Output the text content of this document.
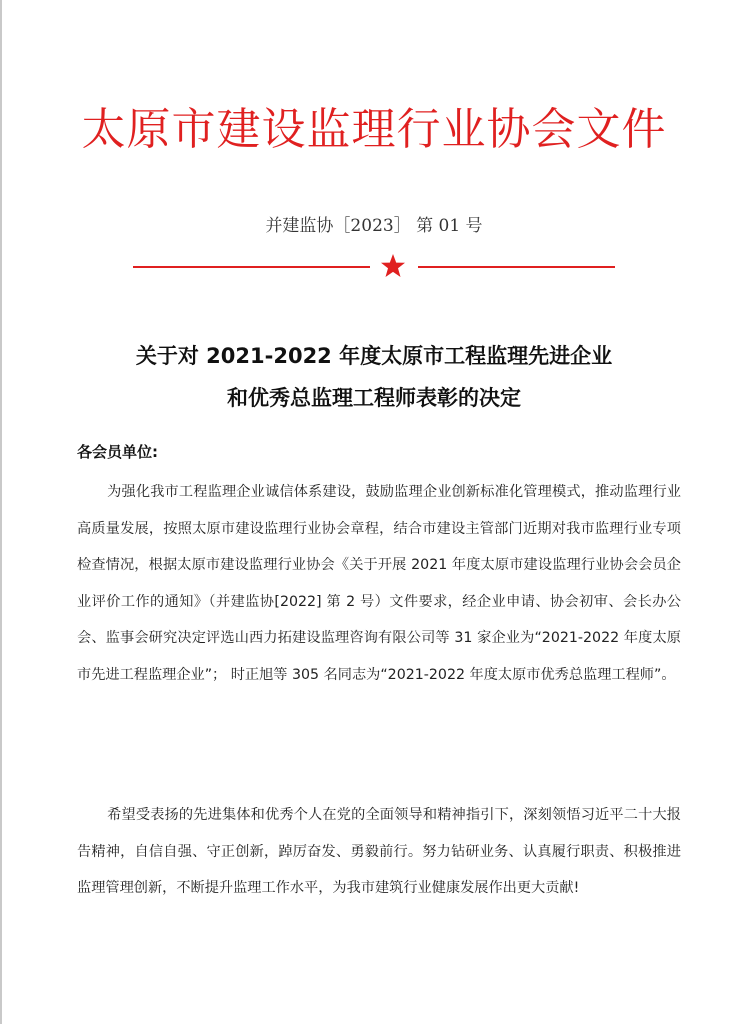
太原市建设监理行业协会文件
并建监协［2023］ 第 01 号
关于对 2021-2022 年度太原市工程监理先进企业
和优秀总监理工程师表彰的决定
各会员单位:
为强化我市工程监理企业诚信体系建设，鼓励监理企业创新标准化管理模式，推动监理行业高质量发展，按照太原市建设监理行业协会章程，结合市建设主管部门近期对我市监理行业专项检查情况，根据太原市建设监理行业协会《关于开展 2021 年度太原市建设监理行业协会会员企业评价工作的通知》（并建监协[2022] 第 2 号）文件要求，经企业申请、协会初审、会长办公会、监事会研究决定评选山西力拓建设监理咨询有限公司等 31 家企业为“2021-2022 年度太原市先进工程监理企业”； 时正旭等 305 名同志为“2021-2022 年度太原市优秀总监理工程师”。
希望受表扬的先进集体和优秀个人在党的全面领导和精神指引下，深刻领悟习近平二十大报告精神，自信自强、守正创新，踔厉奋发、勇毅前行。努力钻研业务、认真履行职责、积极推进监理管理创新，不断提升监理工作水平，为我市建筑行业健康发展作出更大贡献!
